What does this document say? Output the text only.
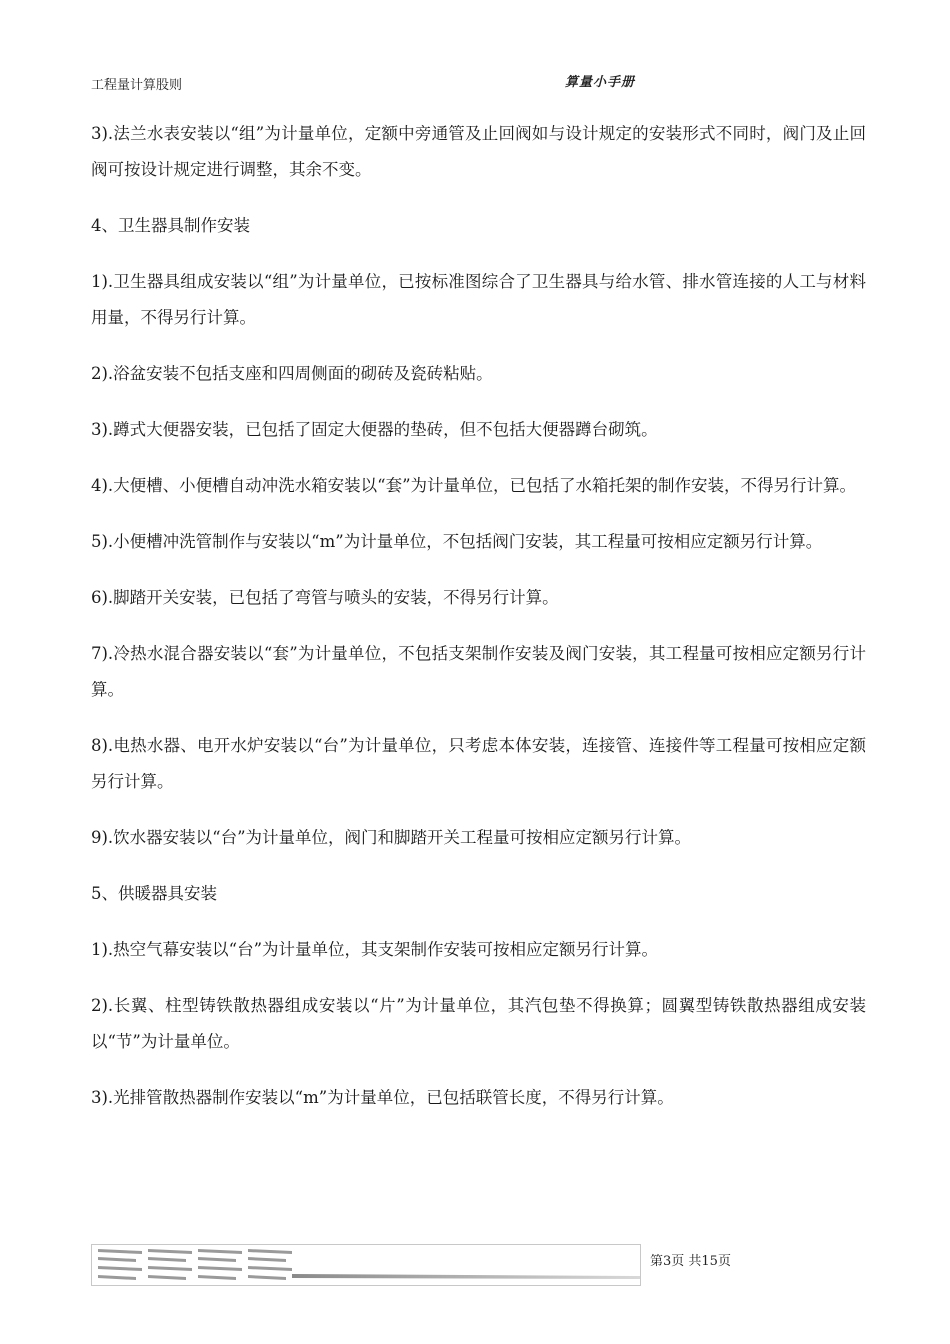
工程量计算股则	算量小手册

3).法兰水表安装以“组”为计量单位，定额中旁通管及止回阀如与设计规定的安装形式不同时，阀门及止回阀可按设计规定进行调整，其余不变。

4、卫生器具制作安装

1).卫生器具组成安装以“组”为计量单位，已按标准图综合了卫生器具与给水管、排水管连接的人工与材料用量，不得另行计算。

2).浴盆安装不包括支座和四周侧面的砌砖及瓷砖粘贴。

3).蹲式大便器安装，已包括了固定大便器的垫砖，但不包括大便器蹲台砌筑。

4).大便槽、小便槽自动冲洗水箱安装以“套”为计量单位，已包括了水箱托架的制作安装，不得另行计算。

5).小便槽冲洗管制作与安装以“m”为计量单位，不包括阀门安装，其工程量可按相应定额另行计算。

6).脚踏开关安装，已包括了弯管与喷头的安装，不得另行计算。

7).冷热水混合器安装以“套”为计量单位，不包括支架制作安装及阀门安装，其工程量可按相应定额另行计算。

8).电热水器、电开水炉安装以“台”为计量单位，只考虑本体安装，连接管、连接件等工程量可按相应定额另行计算。

9).饮水器安装以“台”为计量单位，阀门和脚踏开关工程量可按相应定额另行计算。

5、供暖器具安装

1).热空气幕安装以“台”为计量单位，其支架制作安装可按相应定额另行计算。

2).长翼、柱型铸铁散热器组成安装以“片”为计量单位，其汽包垫不得换算；圆翼型铸铁散热器组成安装以“节”为计量单位。

3).光排管散热器制作安装以“m”为计量单位，已包括联管长度，不得另行计算。

第3页 共15页
